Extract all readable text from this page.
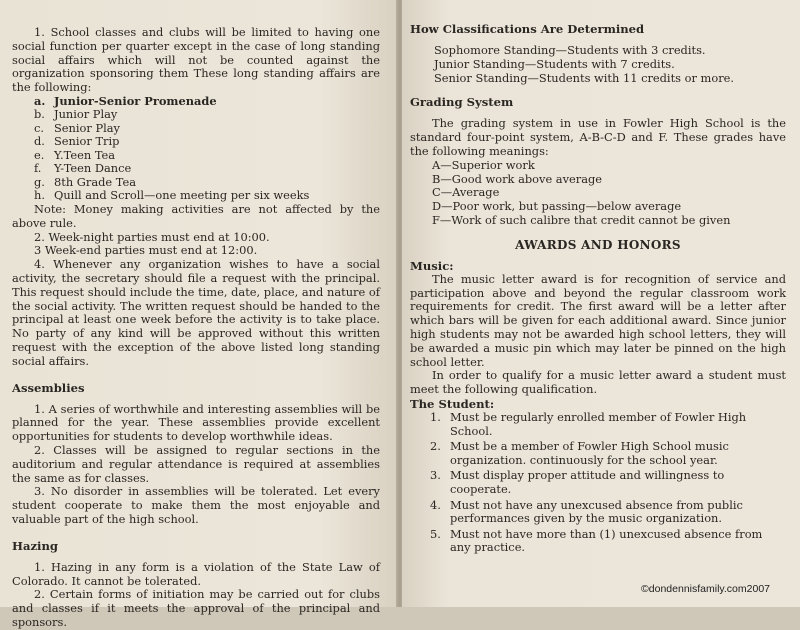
1. School classes and clubs will be limited to having one social function per quarter except in the case of long standing social affairs which will not be counted against the organization sponsoring them These long standing affairs are the following:

a. Junior-Senior Promenade
b. Junior Play
c. Senior Play
d. Senior Trip
e. Y.Teen Tea
f. Y-Teen Dance
g. 8th Grade Tea
h. Quill and Scroll—one meeting per six weeks

Note: Money making activities are not affected by the above rule.

2. Week-night parties must end at 10:00.

3 Week-end parties must end at 12:00.

4. Whenever any organization wishes to have a social activity, the secretary should file a request with the principal. This request should include the time, date, place, and nature of the social activity. The written request should be handed to the principal at least one week before the activity is to take place. No party of any kind will be approved without this written request with the exception of the above listed long standing social affairs.

Assemblies

1. A series of worthwhile and interesting assemblies will be planned for the year. These assemblies provide excellent opportunities for students to develop worthwhile ideas.

2. Classes will be assigned to regular sections in the auditorium and regular attendance is required at assemblies the same as for classes.

3. No disorder in assemblies will be tolerated. Let every student cooperate to make them the most enjoyable and valuable part of the high school.

Hazing

1. Hazing in any form is a violation of the State Law of Colorado. It cannot be tolerated.

2. Certain forms of initiation may be carried out for clubs and classes if it meets the approval of the principal and sponsors.

How Classifications Are Determined
Sophomore Standing—Students with 3 credits.
Junior Standing—Students with 7 credits.
Senior Standing—Students with 11 credits or more.
Grading System

The grading system in use in Fowler High School is the standard four-point system, A-B-C-D and F. These grades have the following meanings:

A—Superior work
B—Good work above average
C—Average
D—Poor work, but passing—below average
F—Work of such calibre that credit cannot be given
AWARDS AND HONORS
Music:

The music letter award is for recognition of service and participation above and beyond the regular classroom work requirements for credit. The first award will be a letter after which bars will be given for each additional award. Since junior high students may not be awarded high school letters, they will be awarded a music pin which may later be pinned on the high school letter.

In order to qualify for a music letter award a student must meet the following qualification.

The Student:
1. Must be regularly enrolled member of Fowler High School.
2. Must be a member of Fowler High School music organization. continuously for the school year.
3. Must display proper attitude and willingness to cooperate.
4. Must not have any unexcused absence from public performances given by the music organization.
5. Must not have more than (1) unexcused absence from any practice.
©dondennisfamily.com2007
